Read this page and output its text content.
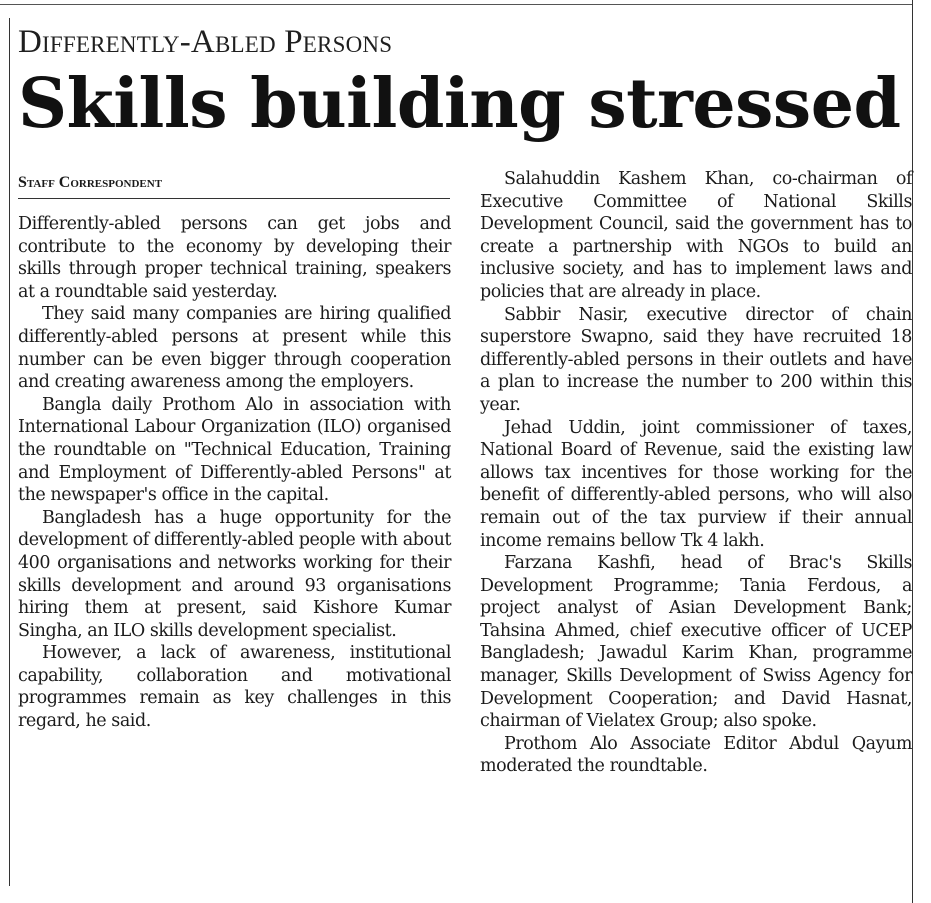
Differently-Abled Persons
Skills building stressed
Staff Correspondent

Differently-abled persons can get jobs and contribute to the economy by developing their skills through proper technical training, speakers at a roundtable said yesterday.

They said many companies are hiring qualified differently-abled persons at present while this number can be even bigger through cooperation and creating awareness among the employers.

Bangla daily Prothom Alo in association with International Labour Organization (ILO) organised the roundtable on "Technical Education, Training and Employment of Differently-abled Persons" at the newspaper's office in the capital.

Bangladesh has a huge opportunity for the development of differently-abled people with about 400 organisations and networks working for their skills development and around 93 organisations hiring them at present, said Kishore Kumar Singha, an ILO skills development specialist.

However, a lack of awareness, institutional capability, collaboration and motivational programmes remain as key challenges in this regard, he said.

Salahuddin Kashem Khan, co-chairman of Executive Committee of National Skills Development Council, said the government has to create a partnership with NGOs to build an inclusive society, and has to implement laws and policies that are already in place.

Sabbir Nasir, executive director of chain superstore Swapno, said they have recruited 18 differently-abled persons in their outlets and have a plan to increase the number to 200 within this year.

Jehad Uddin, joint commissioner of taxes, National Board of Revenue, said the existing law allows tax incentives for those working for the benefit of differently-abled persons, who will also remain out of the tax purview if their annual income remains bellow Tk 4 lakh.

Farzana Kashfi, head of Brac's Skills Development Programme; Tania Ferdous, a project analyst of Asian Development Bank; Tahsina Ahmed, chief executive officer of UCEP Bangladesh; Jawadul Karim Khan, programme manager, Skills Development of Swiss Agency for Development Cooperation; and David Hasnat, chairman of Vielatex Group; also spoke.

Prothom Alo Associate Editor Abdul Qayum moderated the roundtable.
